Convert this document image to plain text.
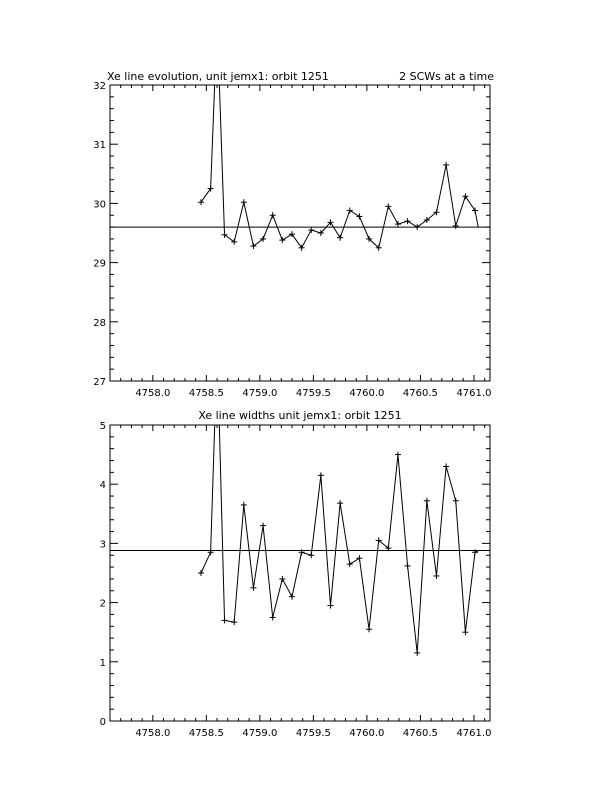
Xe line evolution, unit jemx1: orbit 1251	2 SCWs at a time
4758.0 4758.5 4759.0 4759.5 4760.0 4760.5 4761.0
27
28
29
30
31
32
Xe line widths unit jemx1: orbit 1251
4758.0 4758.5 4759.0 4759.5 4760.0 4760.5 4761.0
0
1
2
3
4
5
